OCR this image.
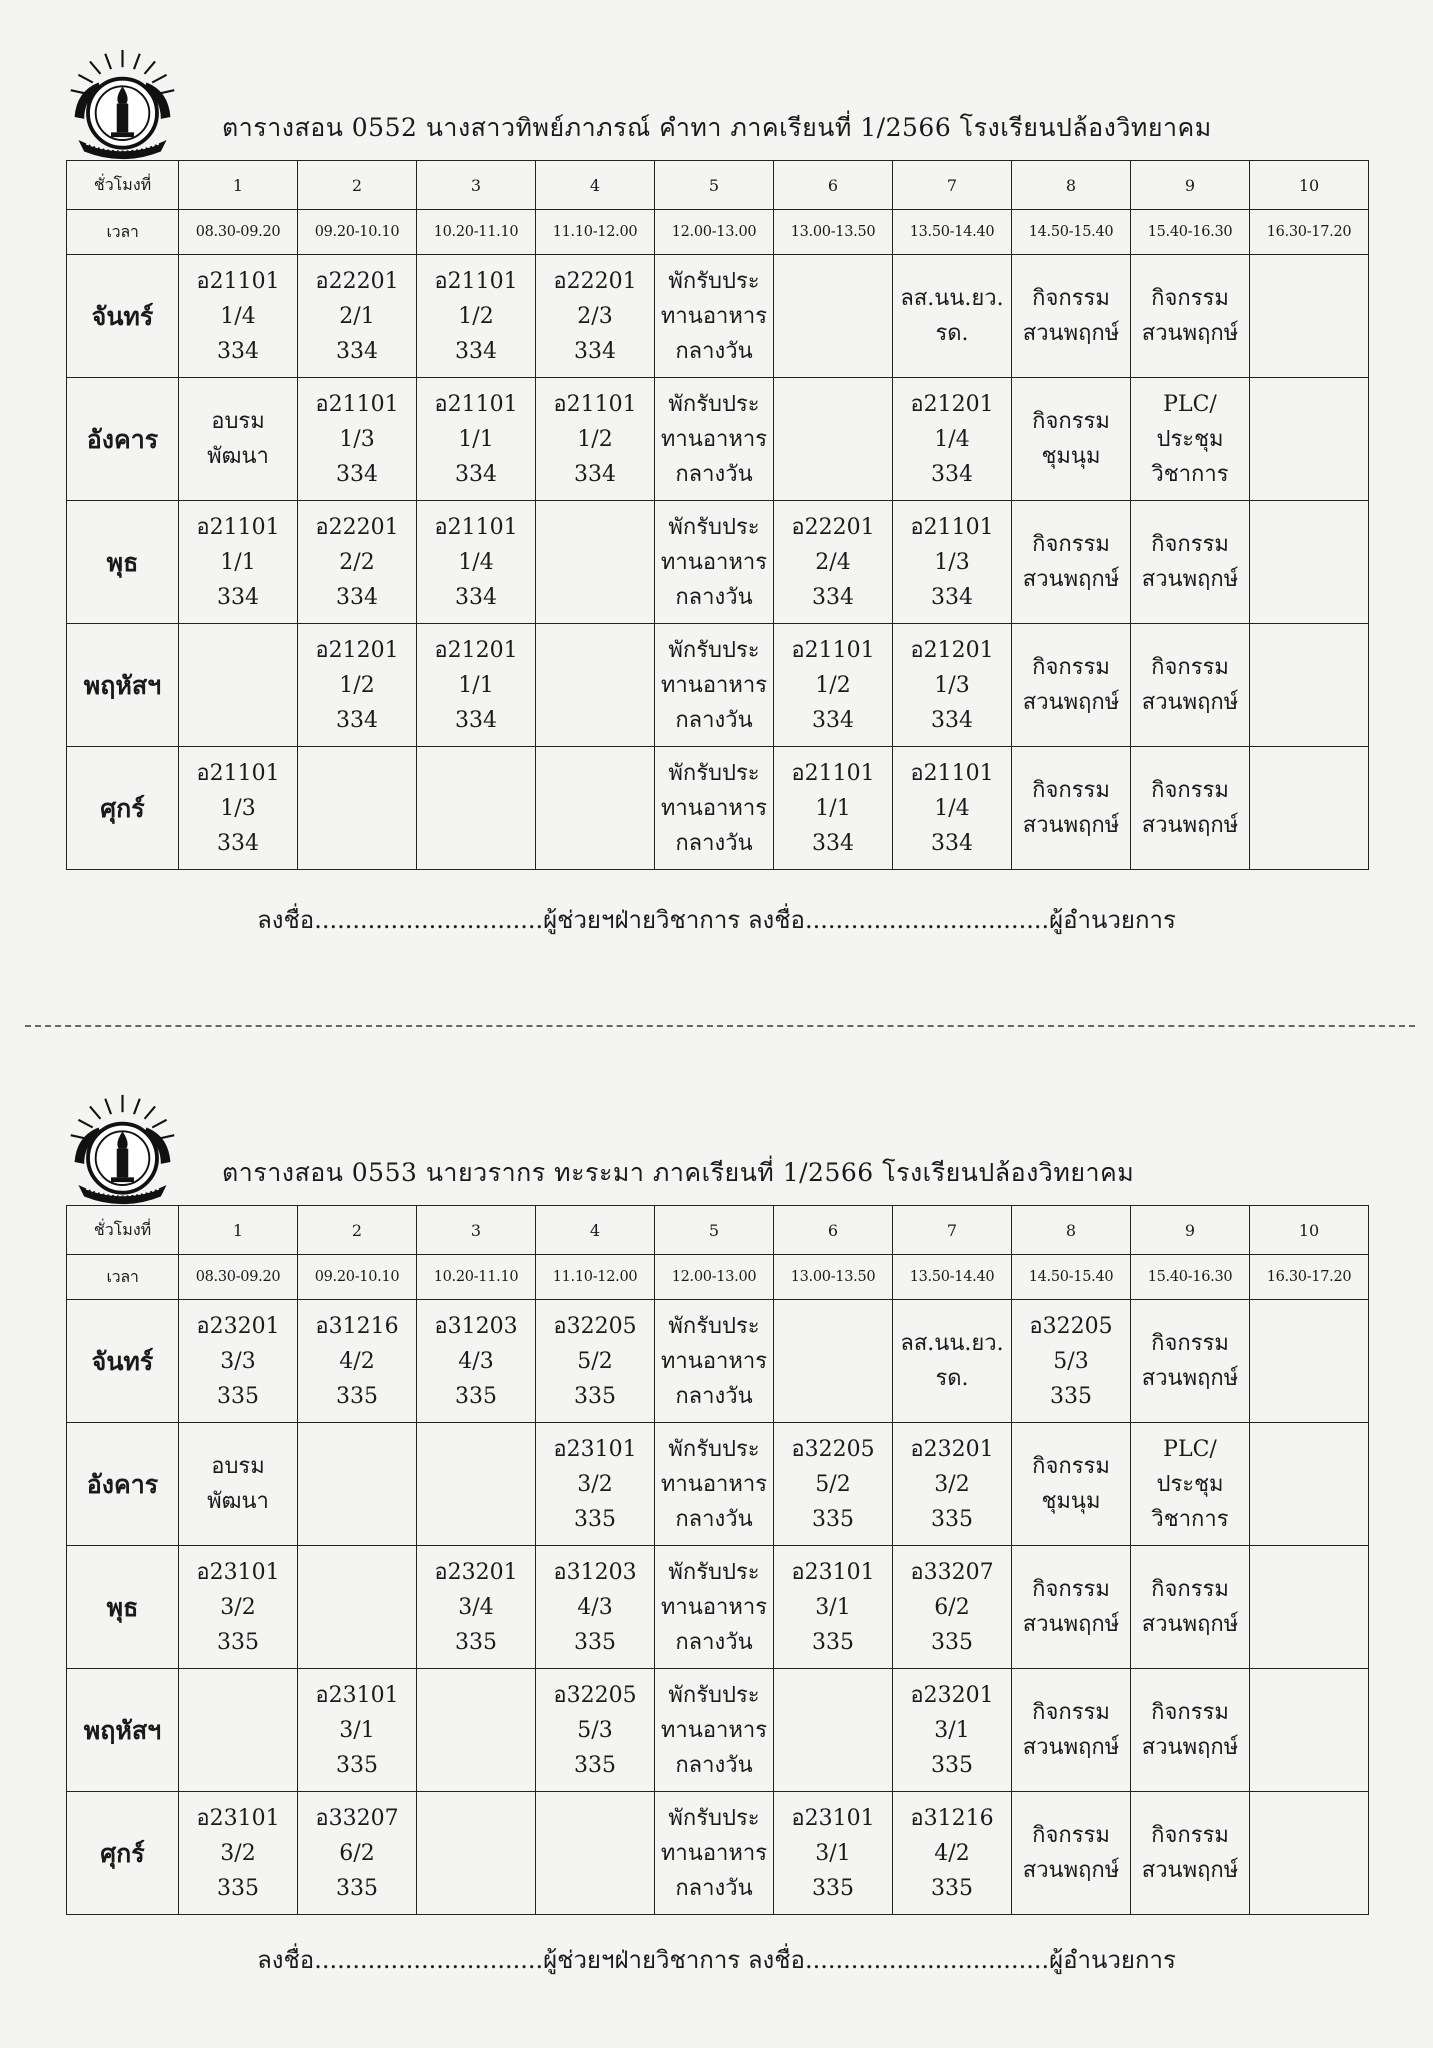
ตารางสอน 0552 นางสาวทิพย์ภาภรณ์ คำทา ภาคเรียนที่ 1/2566 โรงเรียนปล้องวิทยาคม
ชั่วโมงที่	1	2	3	4	5	6	7	8	9	10
เวลา	08.30-09.20	09.20-10.10	10.20-11.10	11.10-12.00	12.00-13.00	13.00-13.50	13.50-14.40	14.50-15.40	15.40-16.30	16.30-17.20
จันทร์	อ21101
1/4
334	อ22201
2/1
334	อ21101
1/2
334	อ22201
2/3
334	พักรับประ
ทานอาหาร
กลางวัน		ลส.นน.ยว.
รด.	กิจกรรม
สวนพฤกษ์	กิจกรรม
สวนพฤกษ์	

อังคาร	อบรม
พัฒนา	อ21101
1/3
334	อ21101
1/1
334	อ21101
1/2
334	พักรับประ
ทานอาหาร
กลางวัน		อ21201
1/4
334	กิจกรรม
ชุมนุม	PLC/
ประชุม
วิชาการ	

พุธ	อ21101
1/1
334	อ22201
2/2
334	อ21101
1/4
334		พักรับประ
ทานอาหาร
กลางวัน	อ22201
2/4
334	อ21101
1/3
334	กิจกรรม
สวนพฤกษ์	กิจกรรม
สวนพฤกษ์	

พฤหัสฯ		อ21201
1/2
334	อ21201
1/1
334		พักรับประ
ทานอาหาร
กลางวัน	อ21101
1/2
334	อ21201
1/3
334	กิจกรรม
สวนพฤกษ์	กิจกรรม
สวนพฤกษ์	

ศุกร์	อ21101
1/3
334				พักรับประ
ทานอาหาร
กลางวัน	อ21101
1/1
334	อ21101
1/4
334	กิจกรรม
สวนพฤกษ์	กิจกรรม
สวนพฤกษ์	

ลงชื่อ..............................ผู้ช่วยฯฝ่ายวิชาการ ลงชื่อ................................ผู้อำนวยการ
ตารางสอน 0553 นายวรากร ทะระมา ภาคเรียนที่ 1/2566 โรงเรียนปล้องวิทยาคม
ชั่วโมงที่	1	2	3	4	5	6	7	8	9	10
เวลา	08.30-09.20	09.20-10.10	10.20-11.10	11.10-12.00	12.00-13.00	13.00-13.50	13.50-14.40	14.50-15.40	15.40-16.30	16.30-17.20
จันทร์	อ23201
3/3
335	อ31216
4/2
335	อ31203
4/3
335	อ32205
5/2
335	พักรับประ
ทานอาหาร
กลางวัน		ลส.นน.ยว.
รด.	อ32205
5/3
335	กิจกรรม
สวนพฤกษ์	

อังคาร	อบรม
พัฒนา			อ23101
3/2
335	พักรับประ
ทานอาหาร
กลางวัน	อ32205
5/2
335	อ23201
3/2
335	กิจกรรม
ชุมนุม	PLC/
ประชุม
วิชาการ	

พุธ	อ23101
3/2
335		อ23201
3/4
335	อ31203
4/3
335	พักรับประ
ทานอาหาร
กลางวัน	อ23101
3/1
335	อ33207
6/2
335	กิจกรรม
สวนพฤกษ์	กิจกรรม
สวนพฤกษ์	

พฤหัสฯ		อ23101
3/1
335		อ32205
5/3
335	พักรับประ
ทานอาหาร
กลางวัน		อ23201
3/1
335	กิจกรรม
สวนพฤกษ์	กิจกรรม
สวนพฤกษ์	

ศุกร์	อ23101
3/2
335	อ33207
6/2
335			พักรับประ
ทานอาหาร
กลางวัน	อ23101
3/1
335	อ31216
4/2
335	กิจกรรม
สวนพฤกษ์	กิจกรรม
สวนพฤกษ์	

ลงชื่อ..............................ผู้ช่วยฯฝ่ายวิชาการ ลงชื่อ................................ผู้อำนวยการ
